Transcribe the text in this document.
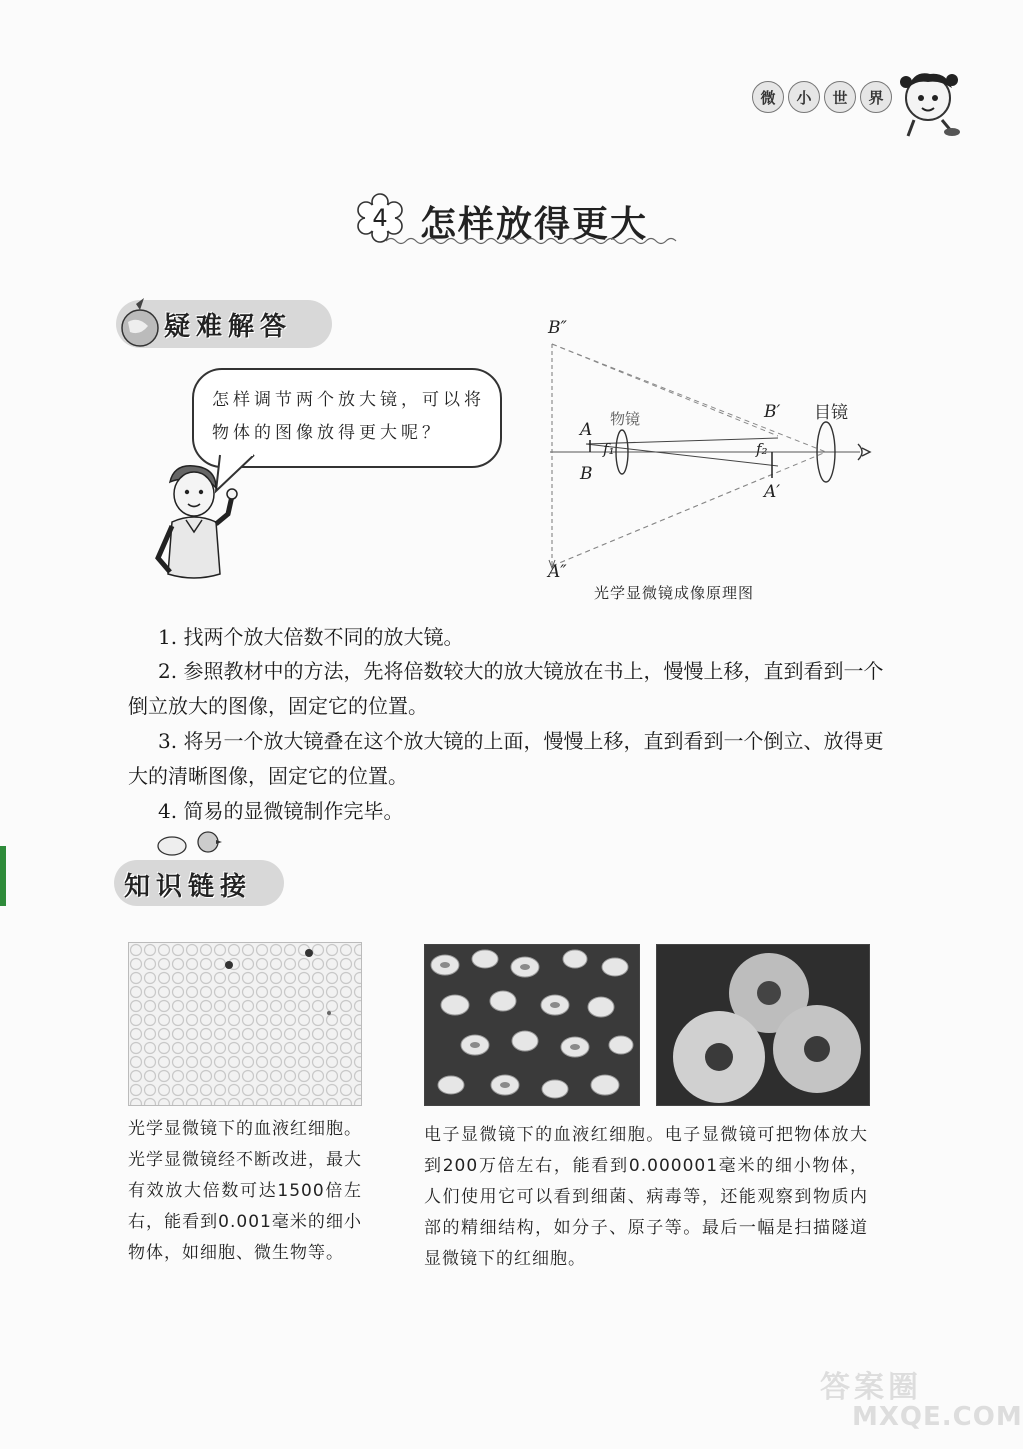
微	小	世	界
4 怎样放得更大
疑难解答

怎样调节两个放大镜，可以将物体的图像放得更大呢？

B″
A″
A
B
f₁	f₂
B′
A′
物镜	目镜
光学显微镜成像原理图

1. 找两个放大倍数不同的放大镜。

2. 参照教材中的方法，先将倍数较大的放大镜放在书上，慢慢上移，直到看到一个倒立放大的图像，固定它的位置。

3. 将另一个放大镜叠在这个放大镜的上面，慢慢上移，直到看到一个倒立、放得更大的清晰图像，固定它的位置。

4. 简易的显微镜制作完毕。

知识链接

光学显微镜下的血液红细胞。光学显微镜经不断改进，最大有效放大倍数可达1500倍左右，能看到0.001毫米的细小物体，如细胞、微生物等。

电子显微镜下的血液红细胞。电子显微镜可把物体放大到200万倍左右，能看到0.000001毫米的细小物体，人们使用它可以看到细菌、病毒等，还能观察到物质内部的精细结构，如分子、原子等。最后一幅是扫描隧道显微镜下的红细胞。

答案圈
MXQE.COM
